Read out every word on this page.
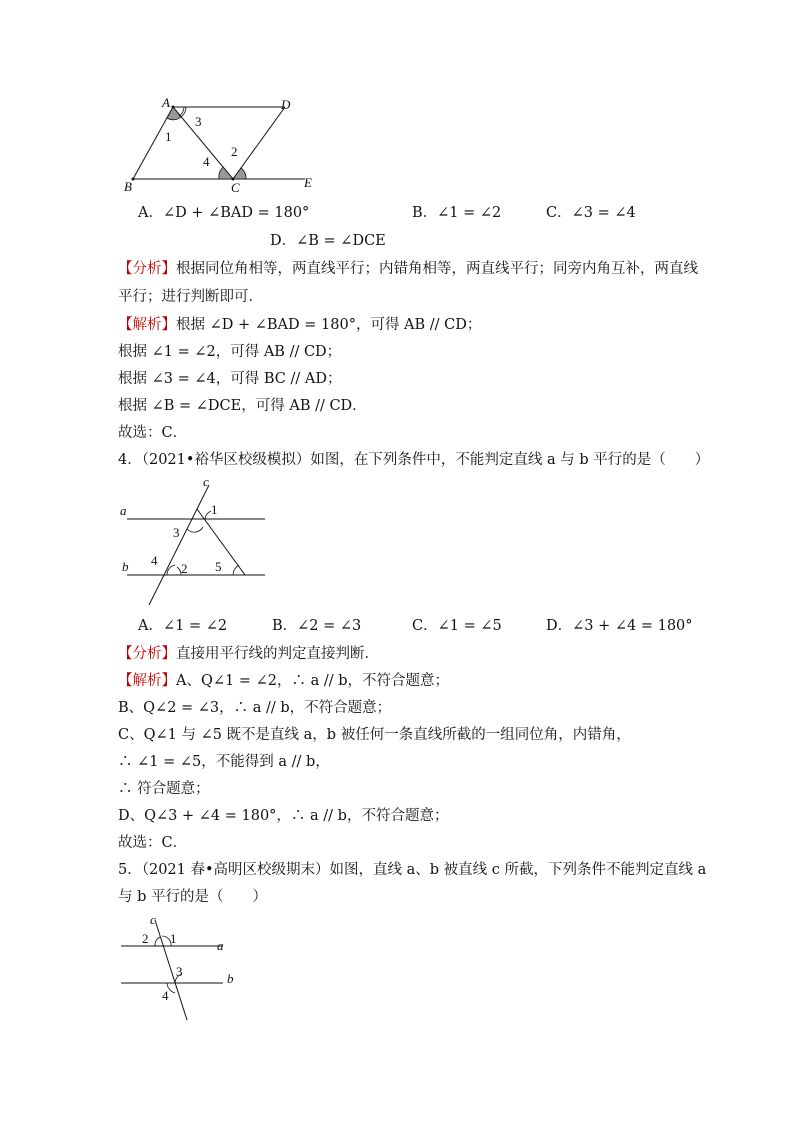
A	D
B	C	E
1
3
4
2
A．∠D + ∠BAD = 180°	B．∠1 = ∠2	C．∠3 = ∠4
D．∠B = ∠DCE
【分析】根据同位角相等，两直线平行；内错角相等，两直线平行；同旁内角互补，两直线
平行；进行判断即可．
【解析】根据 ∠D + ∠BAD = 180°，可得 AB // CD；
根据 ∠1 = ∠2，可得 AB // CD；
根据 ∠3 = ∠4，可得 BC // AD；
根据 ∠B = ∠DCE，可得 AB // CD．
故选：C．
4．（2021•裕华区校级模拟）如图，在下列条件中，不能判定直线 a 与 b 平行的是（　　）
c
a
b
1
3
4
2 5
A．∠1 = ∠2	B．∠2 = ∠3	C．∠1 = ∠5	D．∠3 + ∠4 = 180°
【分析】直接用平行线的判定直接判断．
【解析】A、Q∠1 = ∠2，∴ a // b，不符合题意；
B、Q∠2 = ∠3，∴ a // b，不符合题意；
C、Q∠1 与 ∠5 既不是直线 a，b 被任何一条直线所截的一组同位角，内错角，
∴ ∠1 = ∠5，不能得到 a // b，
∴ 符合题意；
D、Q∠3 + ∠4 = 180°，∴ a // b，不符合题意；
故选：C．
5．（2021 春•高明区校级期末）如图，直线 a、b 被直线 c 所截，下列条件不能判定直线 a
与 b 平行的是（　　）
c
2 1	a
3	b
4
